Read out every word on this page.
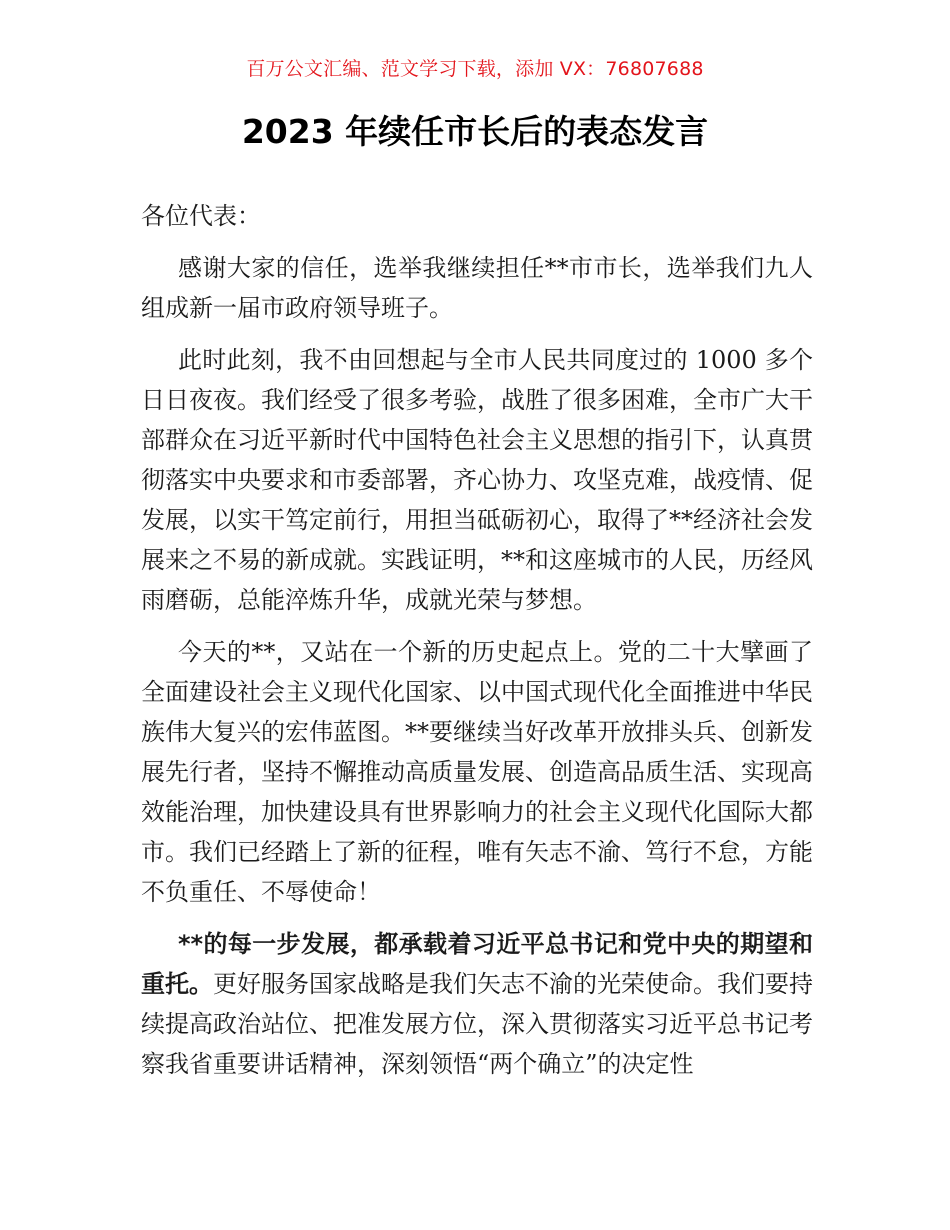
百万公文汇编、范文学习下载，添加 VX：76807688
2023 年续任市长后的表态发言

各位代表：

感谢大家的信任，选举我继续担任**市市长，选举我们九人组成新一届市政府领导班子。

此时此刻，我不由回想起与全市人民共同度过的 1000 多个日日夜夜。我们经受了很多考验，战胜了很多困难，全市广大干部群众在习近平新时代中国特色社会主义思想的指引下，认真贯彻落实中央要求和市委部署，齐心协力、攻坚克难，战疫情、促发展，以实干笃定前行，用担当砥砺初心，取得了**经济社会发展来之不易的新成就。实践证明，**和这座城市的人民，历经风雨磨砺，总能淬炼升华，成就光荣与梦想。

今天的**，又站在一个新的历史起点上。党的二十大擘画了全面建设社会主义现代化国家、以中国式现代化全面推进中华民族伟大复兴的宏伟蓝图。**要继续当好改革开放排头兵、创新发展先行者，坚持不懈推动高质量发展、创造高品质生活、实现高效能治理，加快建设具有世界影响力的社会主义现代化国际大都市。我们已经踏上了新的征程，唯有矢志不渝、笃行不怠，方能不负重任、不辱使命！

**的每一步发展，都承载着习近平总书记和党中央的期望和重托。更好服务国家战略是我们矢志不渝的光荣使命。我们要持续提高政治站位、把准发展方位，深入贯彻落实习近平总书记考察我省重要讲话精神，深刻领悟“两个确立”的决定性
